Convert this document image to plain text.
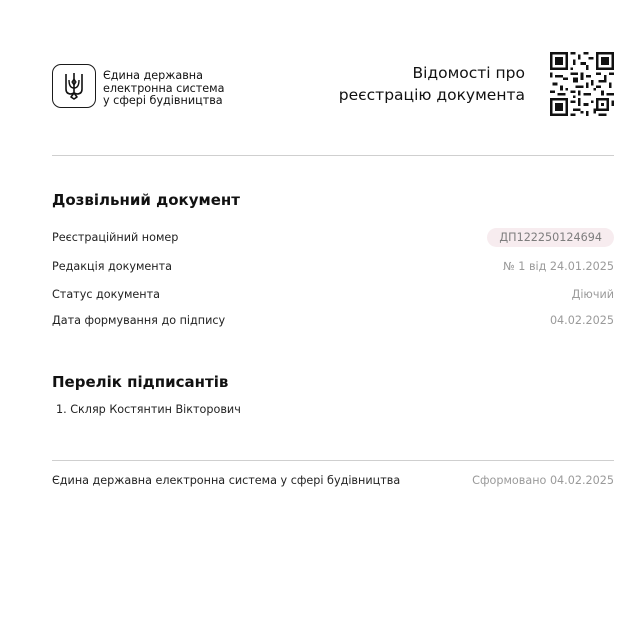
Єдина державна
електронна система
у сфері будівництва
Відомості про
реєстрацію документа
Дозвільний документ
Реєстраційний номер	ДП122250124694
Редакція документа	№ 1 від 24.01.2025
Статус документа	Діючий
Дата формування до підпису	04.02.2025
Перелік підписантів
1. Скляр Костянтин Вікторович
Єдина державна електронна система у сфері будівництва	Сформовано 04.02.2025
